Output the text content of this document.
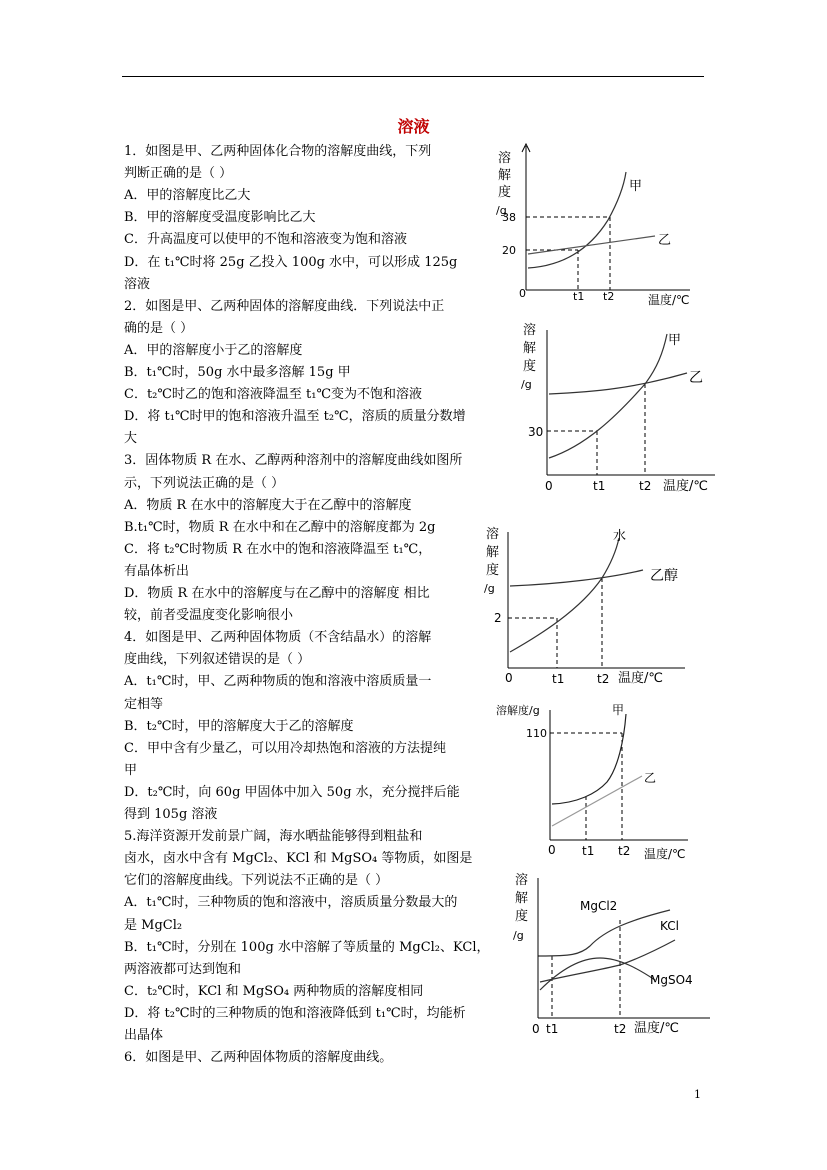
溶液
1．如图是甲、乙两种固体化合物的溶解度曲线，下列
判断正确的是（ ）
A．甲的溶解度比乙大
B．甲的溶解度受温度影响比乙大
C．升高温度可以使甲的不饱和溶液变为饱和溶液
D．在 t₁℃时将 25g 乙投入 100g 水中，可以形成 125g
溶液
2．如图是甲、乙两种固体的溶解度曲线．下列说法中正
确的是（ ）
A．甲的溶解度小于乙的溶解度
B．t₁℃时，50g 水中最多溶解 15g 甲
C．t₂℃时乙的饱和溶液降温至 t₁℃变为不饱和溶液
D．将 t₁℃时甲的饱和溶液升温至 t₂℃，溶质的质量分数增
大
3．固体物质 R 在水、乙醇两种溶剂中的溶解度曲线如图所
示，下列说法正确的是（ ）
A．物质 R 在水中的溶解度大于在乙醇中的溶解度
B.t₁℃时，物质 R 在水中和在乙醇中的溶解度都为 2g
C．将 t₂℃时物质 R 在水中的饱和溶液降温至 t₁℃，
有晶体析出
D．物质 R 在水中的溶解度与在乙醇中的溶解度 相比
较，前者受温度变化影响很小
4．如图是甲、乙两种固体物质（不含结晶水）的溶解
度曲线，下列叙述错误的是（ ）
A．t₁℃时，甲、乙两种物质的饱和溶液中溶质质量一
定相等
B．t₂℃时，甲的溶解度大于乙的溶解度
C．甲中含有少量乙，可以用冷却热饱和溶液的方法提纯
甲
D．t₂℃时，向 60g 甲固体中加入 50g 水，充分搅拌后能
得到 105g 溶液
5.海洋资源开发前景广阔，海水晒盐能够得到粗盐和
卤水，卤水中含有 MgCl₂、KCl 和 MgSO₄ 等物质，如图是
它们的溶解度曲线。下列说法不正确的是（ ）
A．t₁℃时，三种物质的饱和溶液中，溶质质量分数最大的
是 MgCl₂
B．t₁℃时，分别在 100g 水中溶解了等质量的 MgCl₂、KCl，
两溶液都可达到饱和
C．t₂℃时，KCl 和 MgSO₄ 两种物质的溶解度相同
D．将 t₂℃时的三种物质的饱和溶液降低到 t₁℃时，均能析
出晶体
6．如图是甲、乙两种固体物质的溶解度曲线。
1
溶
解
度
/g
38
20
0	t1 t2	温度/℃
甲
乙
溶
解
度
/g
30
0	t1	t2 温度/℃
甲
乙
溶
解
度
/g
2
0	t1	t2 温度/℃
水
乙醇
溶解度/g
110
0 t1 t2 温度/℃
甲
乙
溶
解
度
/g
0 t1	t2 温度/℃
MgCl2
KCl
MgSO4
